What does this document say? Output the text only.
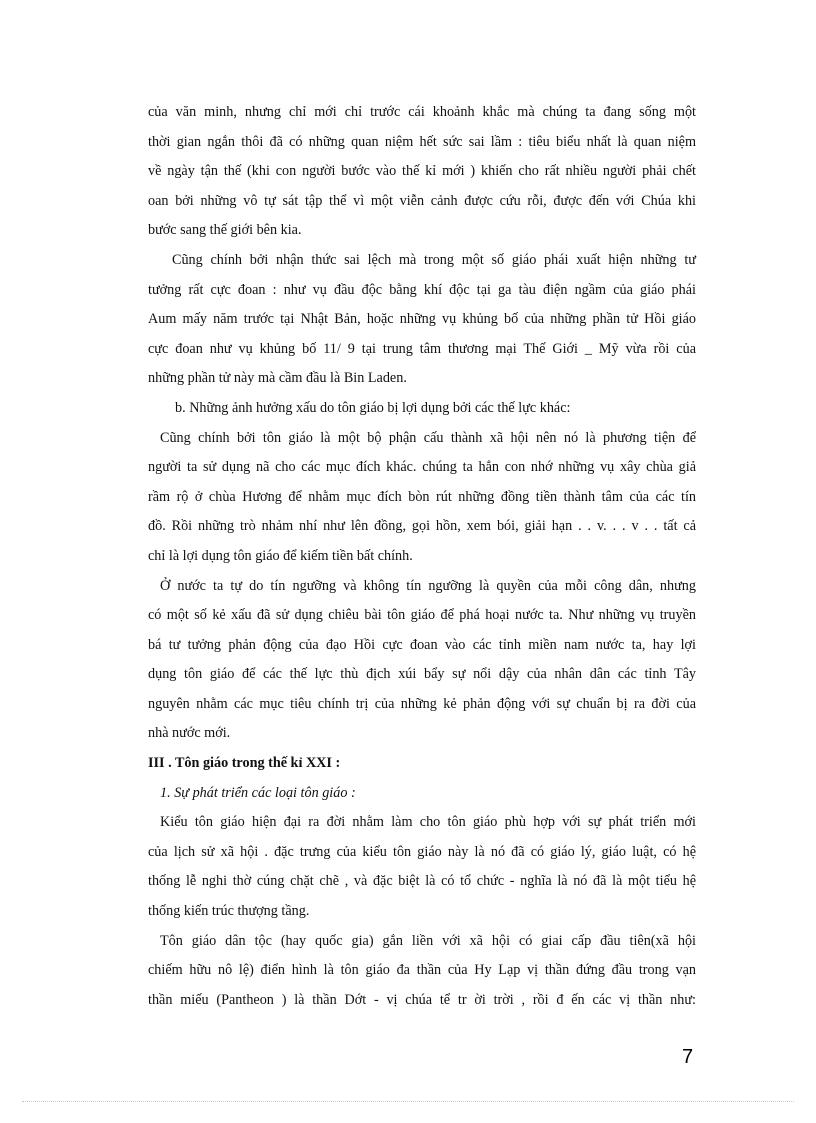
của văn minh, nhưng chỉ mới chỉ trước cái khoảnh khắc mà chúng ta đang sống một
thời gian ngắn thôi đã có những quan niệm hết sức sai lầm : tiêu biểu nhất là quan niệm
về ngày tận thế (khi con người bước vào thế kỉ mới ) khiến cho rất nhiều người phải chết
oan bởi những vô tự sát tập thể vì một viễn cảnh được cứu rỗi, được đến với Chúa khi
bước sang thế giới bên kia.
Cũng chính bởi nhận thức sai lệch mà trong một số giáo phái xuất hiện những tư
tưởng rất cực đoan : như vụ đầu độc bằng khí độc tại ga tàu điện ngầm của giáo phái
Aum mấy năm trước tại Nhật Bản, hoặc những vụ khủng bố của những phần tử Hồi giáo
cực đoan như vụ khủng bố 11/ 9 tại trung tâm thương mại Thế Giới _ Mỹ vừa rồi của
những phần tử này mà cầm đầu là Bin Laden.
b. Những ảnh hưởng xấu do tôn giáo bị lợi dụng bởi các thế lực khác:
Cũng chính bởi tôn giáo là một bộ phận cấu thành xã hội nên nó là phương tiện để
người ta sử dụng nã cho các mục đích khác. chúng ta hẳn con nhớ những vụ xây chùa giả
rầm rộ ở chùa Hương để nhằm mục đích bòn rút những đồng tiền thành tâm của các tín
đồ. Rồi những trò nhảm nhí như lên đồng, gọi hồn, xem bói, giải hạn . . v. . . v . . tất cả
chỉ là lợi dụng tôn giáo để kiếm tiền bất chính.
Ở nước ta tự do tín ngưỡng và không tín ngưỡng là quyền của mỗi công dân, nhưng
có một số kẻ xấu đã sử dụng chiêu bài tôn giáo để phá hoại nước ta. Như những vụ truyền
bá tư tưởng phản động của đạo Hồi cực đoan vào các tỉnh miền nam nước ta, hay lợi
dụng tôn giáo để các thế lực thù địch xúi bẩy sự nổi dậy của nhân dân các tỉnh Tây
nguyên nhằm các mục tiêu chính trị của những kẻ phản động với sự chuẩn bị ra đời của
nhà nước mới.
III . Tôn giáo trong thế kỉ XXI :
1. Sự phát triển các loại tôn giáo :
Kiểu tôn giáo hiện đại ra đời nhằm làm cho tôn giáo phù hợp với sự phát triển mới
của lịch sử xã hội . đặc trưng của kiểu tôn giáo này là nó đã có giáo lý, giáo luật, có hệ
thống lễ nghi thờ cúng chặt chẽ , và đặc biệt là có tổ chức - nghĩa là nó đã là một tiểu hệ
thống kiến trúc thượng tầng.
Tôn giáo dân tộc (hay quốc gia) gắn liền với xã hội có giai cấp đầu tiên(xã hội
chiếm hữu nô lệ) điển hình là tôn giáo đa thần của Hy Lạp vị thần đứng đầu trong vạn
thần miếu (Pantheon ) là thần Dớt - vị chúa tể tr ời trời , rồi đ ến các vị thần như:
7
